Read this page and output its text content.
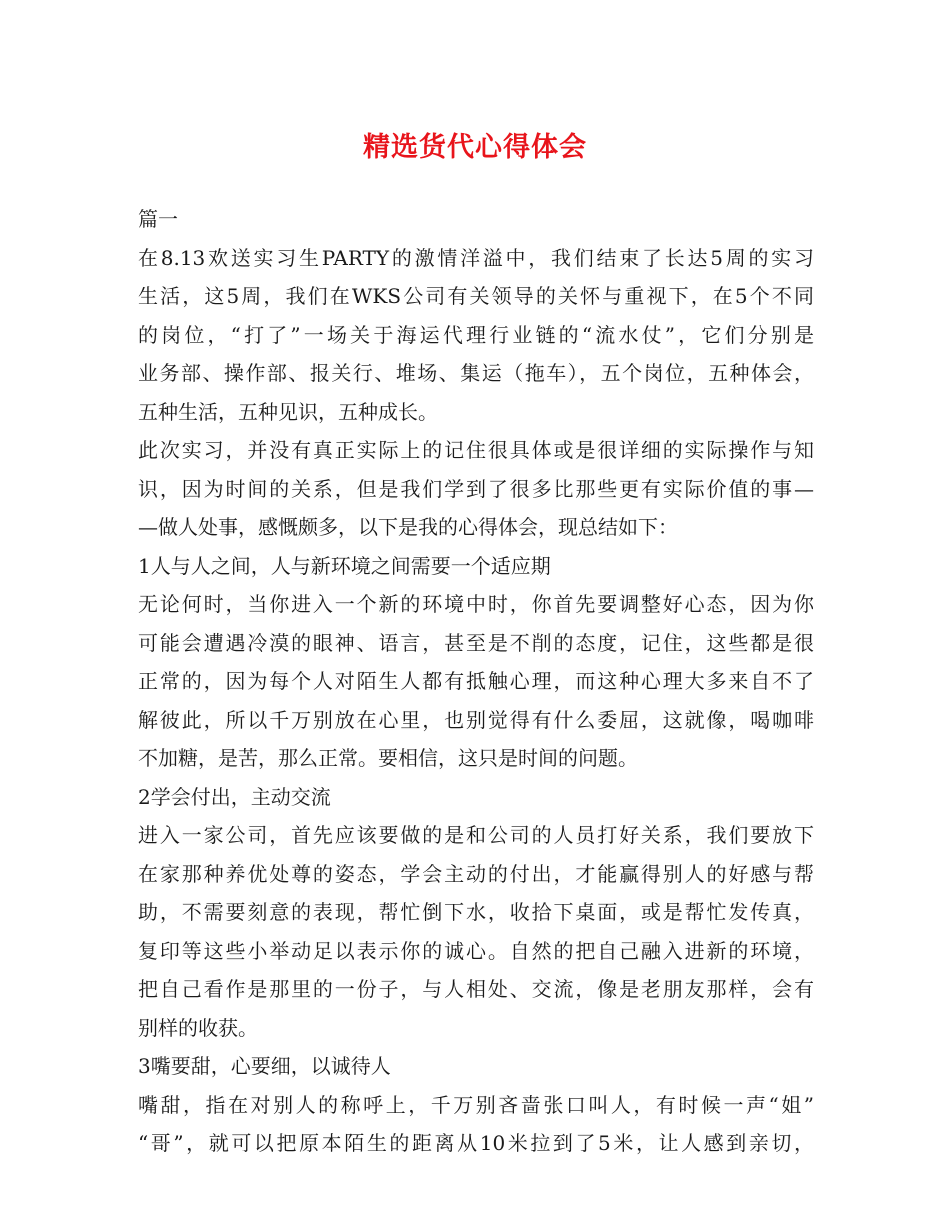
精选货代心得体会
篇一
在8.13欢送实习生PARTY的激情洋溢中，我们结束了长达5周的实习
生活，这5周，我们在WKS公司有关领导的关怀与重视下，在5个不同
的岗位，“打了”一场关于海运代理行业链的“流水仗”，它们分别是
业务部、操作部、报关行、堆场、集运（拖车），五个岗位，五种体会，
五种生活，五种见识，五种成长。
此次实习，并没有真正实际上的记住很具体或是很详细的实际操作与知
识，因为时间的关系，但是我们学到了很多比那些更有实际价值的事—
—做人处事，感慨颇多，以下是我的心得体会，现总结如下：
1人与人之间，人与新环境之间需要一个适应期
无论何时，当你进入一个新的环境中时，你首先要调整好心态，因为你
可能会遭遇冷漠的眼神、语言，甚至是不削的态度，记住，这些都是很
正常的，因为每个人对陌生人都有抵触心理，而这种心理大多来自不了
解彼此，所以千万别放在心里，也别觉得有什么委屈，这就像，喝咖啡
不加糖，是苦，那么正常。要相信，这只是时间的问题。
2学会付出，主动交流
进入一家公司，首先应该要做的是和公司的人员打好关系，我们要放下
在家那种养优处尊的姿态，学会主动的付出，才能赢得别人的好感与帮
助，不需要刻意的表现，帮忙倒下水，收拾下桌面，或是帮忙发传真，
复印等这些小举动足以表示你的诚心。自然的把自己融入进新的环境，
把自己看作是那里的一份子，与人相处、交流，像是老朋友那样，会有
别样的收获。
3嘴要甜，心要细，以诚待人
嘴甜，指在对别人的称呼上，千万别吝啬张口叫人，有时候一声“姐”
“哥”，就可以把原本陌生的距离从10米拉到了5米，让人感到亲切，
